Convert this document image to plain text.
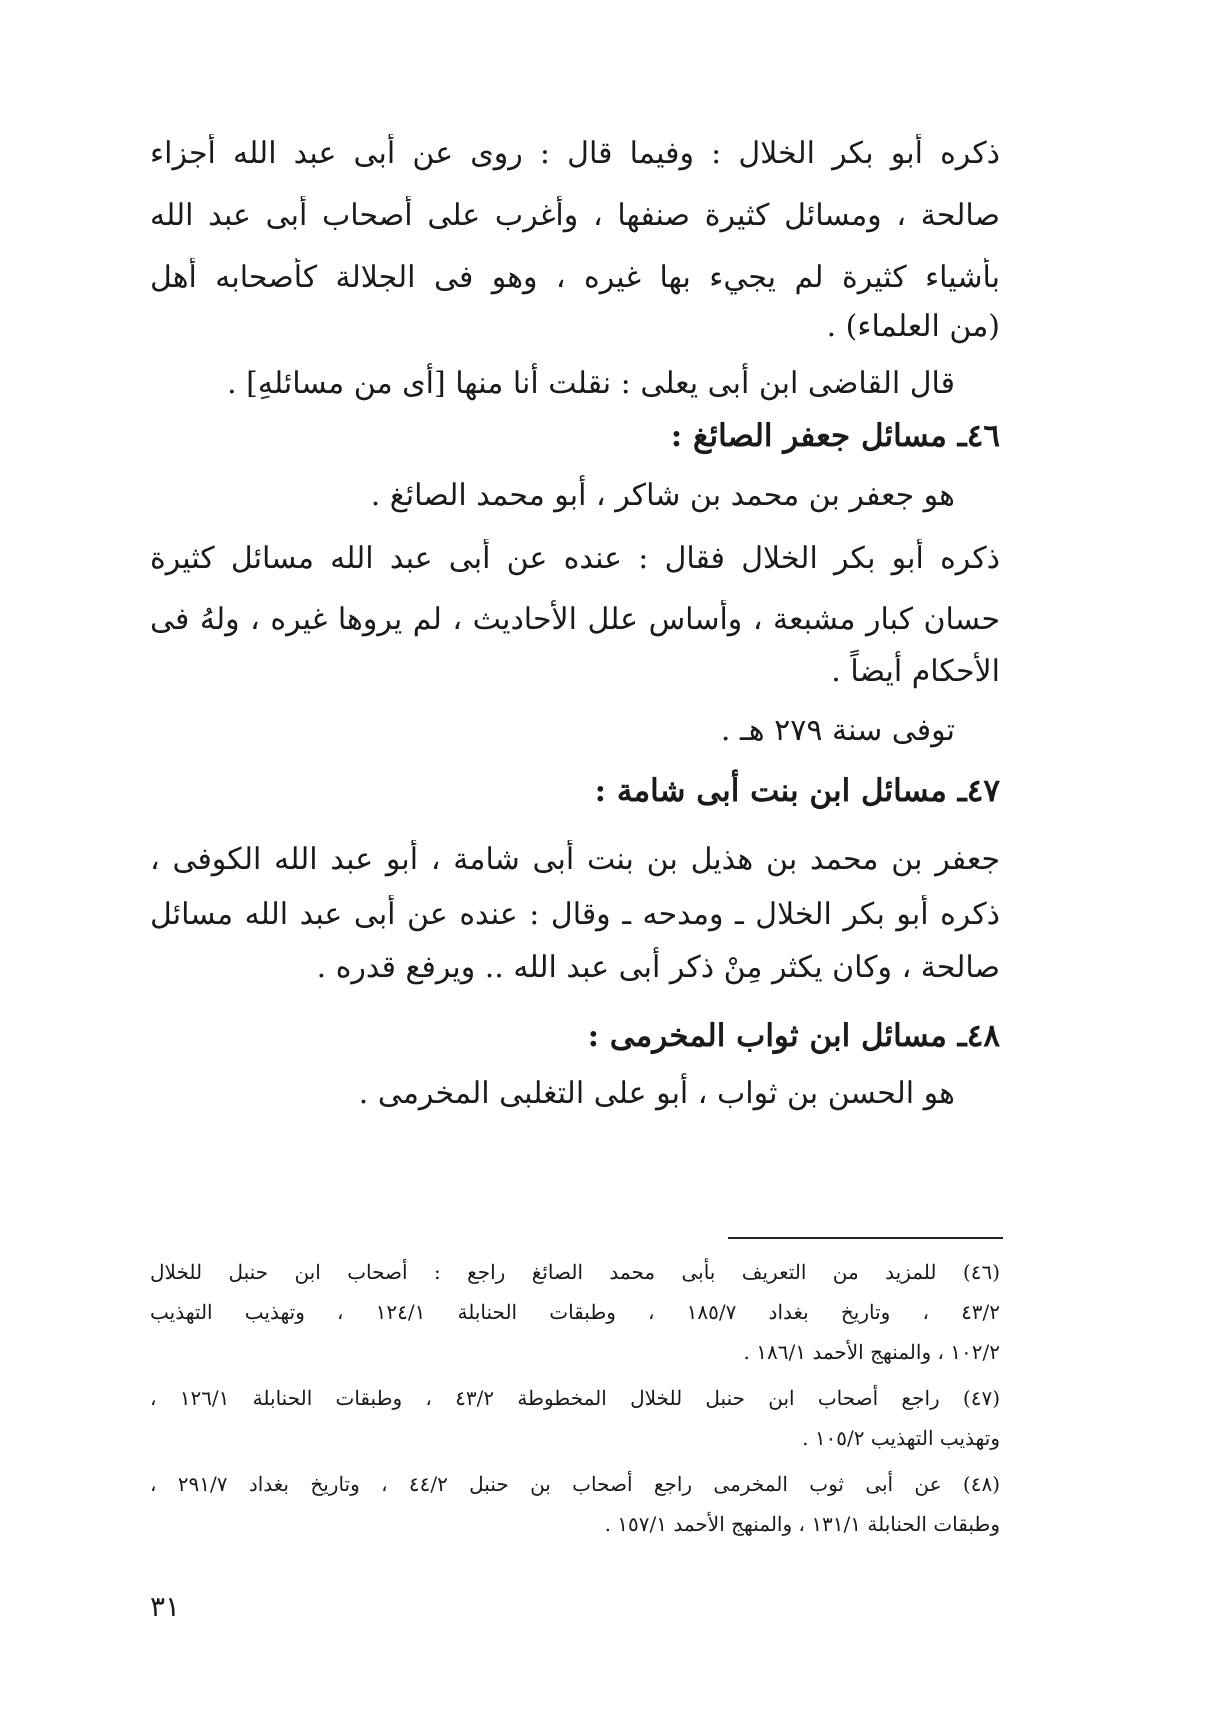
ذكره أبو بكر الخلال : وفيما قال : روى عن أبى عبد الله أجزاء
صالحة ، ومسائل كثيرة صنفها ، وأغرب على أصحاب أبى عبد الله
بأشياء كثيرة لم يجيء بها غيره ، وهو فى الجلالة كأصحابه أهل
(من العلماء) .
قال القاضى ابن أبى يعلى : نقلت أنا منها [أى من مسائلهِ] .
٤٦ـ مسائل جعفر الصائغ :
هو جعفر بن محمد بن شاكر ، أبو محمد الصائغ .
ذكره أبو بكر الخلال فقال : عنده عن أبى عبد الله مسائل كثيرة
حسان كبار مشبعة ، وأساس علل الأحاديث ، لم يروها غيره ، ولهُ فى
الأحكام أيضاً .
توفى سنة ٢٧٩ هـ .
٤٧ـ مسائل ابن بنت أبى شامة :
جعفر بن محمد بن هذيل بن بنت أبى شامة ، أبو عبد الله الكوفى ،
ذكره أبو بكر الخلال ـ ومدحه ـ وقال : عنده عن أبى عبد الله مسائل
صالحة ، وكان يكثر مِنْ ذكر أبى عبد الله .. ويرفع قدره .
٤٨ـ مسائل ابن ثواب المخرمى :
هو الحسن بن ثواب ، أبو على التغلبى المخرمى .
(٤٦) للمزيد من التعريف بأبى محمد الصائغ راجع : أصحاب ابن حنبل للخلال
٤٣/٢ ، وتاريخ بغداد ١٨٥/٧ ، وطبقات الحنابلة ١٢٤/١ ، وتهذيب التهذيب
١٠٢/٢ ، والمنهج الأحمد ١٨٦/١ .
(٤٧) راجع أصحاب ابن حنبل للخلال المخطوطة ٤٣/٢ ، وطبقات الحنابلة ١٢٦/١ ،
وتهذيب التهذيب ١٠٥/٢ .
(٤٨) عن أبى ثوب المخرمى راجع أصحاب بن حنبل ٤٤/٢ ، وتاريخ بغداد ٢٩١/٧ ،
وطبقات الحنابلة ١٣١/١ ، والمنهج الأحمد ١٥٧/١ .
٣١
